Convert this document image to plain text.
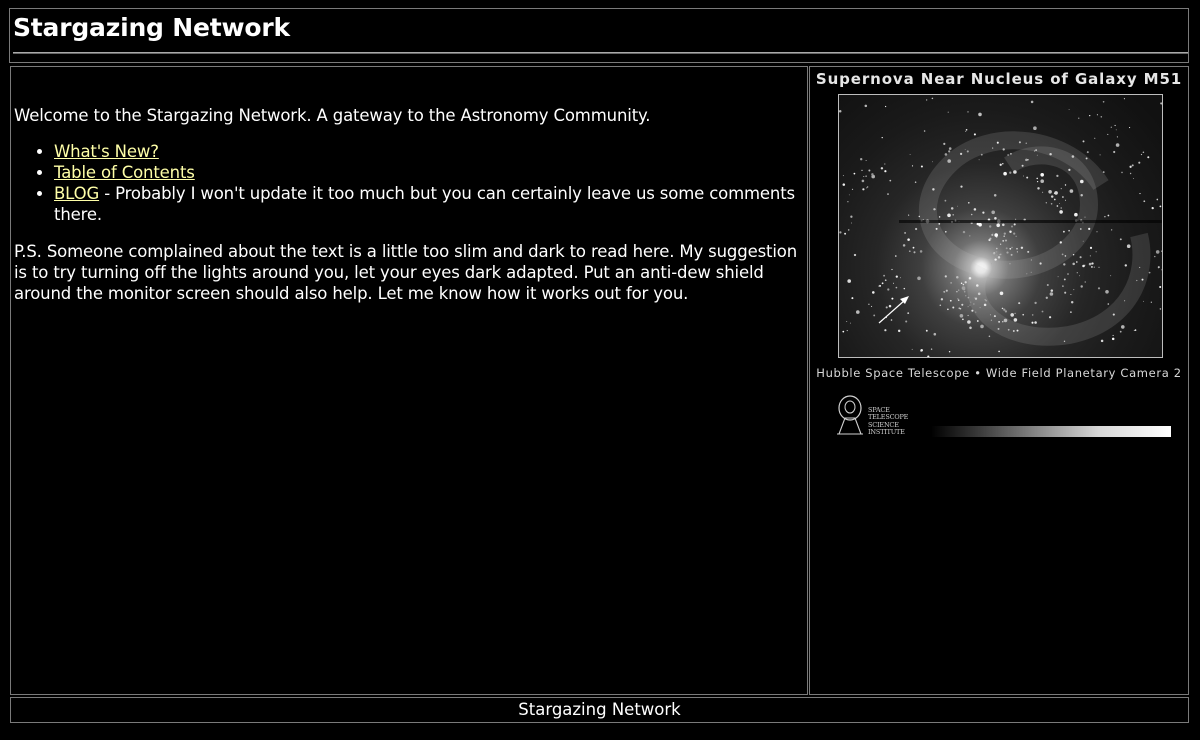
Stargazing Network

Welcome to the Stargazing Network. A gateway to the Astronomy Community.

• What's New?
• Table of Contents
• BLOG - Probably I won't update it too much but you can certainly leave us some comments there.

P.S. Someone complained about the text is a little too slim and dark to read here. My suggestion is to try turning off the lights around you, let your eyes dark adapted. Put an anti-dew shield around the monitor screen should also help. Let me know how it works out for you.

Supernova Near Nucleus of Galaxy M51
Hubble Space Telescope • Wide Field Planetary Camera 2
SPACE
TELESCOPE
SCIENCE
INSTITUTE
Stargazing Network
